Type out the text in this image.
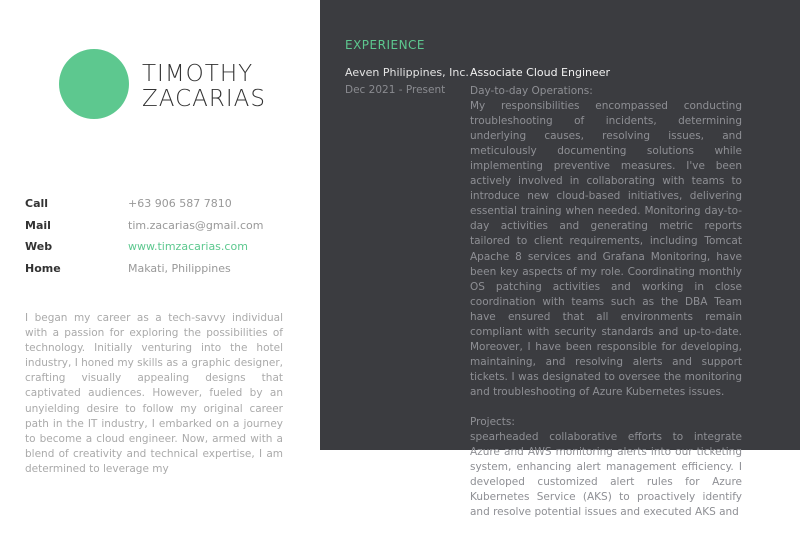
TIMOTHY
ZACARIAS
Call	+63 906 587 7810
Mail	tim.zacarias@gmail.com
Web	www.timzacarias.com
Home	Makati, Philippines
I began my career as a tech-savvy individual with a passion for exploring the possibilities of technology. Initially venturing into the hotel industry, I honed my skills as a graphic designer, crafting visually appealing designs that captivated audiences. However, fueled by an unyielding desire to follow my original career path in the IT industry, I embarked on a journey to become a cloud engineer. Now, armed with a blend of creativity and technical expertise, I am determined to leverage my
EXPERIENCE
Aeven Philippines, Inc.
Dec 2021 - Present
Associate Cloud Engineer
Day-to-day Operations:

My responsibilities encompassed conducting troubleshooting of incidents, determining underlying causes, resolving issues, and meticulously documenting solutions while implementing preventive measures. I've been actively involved in collaborating with teams to introduce new cloud-based initiatives, delivering essential training when needed. Monitoring day-to-day activities and generating metric reports tailored to client requirements, including Tomcat Apache 8 services and Grafana Monitoring, have been key aspects of my role. Coordinating monthly OS patching activities and working in close coordination with teams such as the DBA Team have ensured that all environments remain compliant with security standards and up-to-date. Moreover, I have been responsible for developing, maintaining, and resolving alerts and support tickets. I was designated to oversee the monitoring and troubleshooting of Azure Kubernetes issues.

Projects:

spearheaded collaborative efforts to integrate Azure and AWS monitoring alerts into our ticketing system, enhancing alert management efficiency. I developed customized alert rules for Azure Kubernetes Service (AKS) to proactively identify and resolve potential issues and executed AKS and
